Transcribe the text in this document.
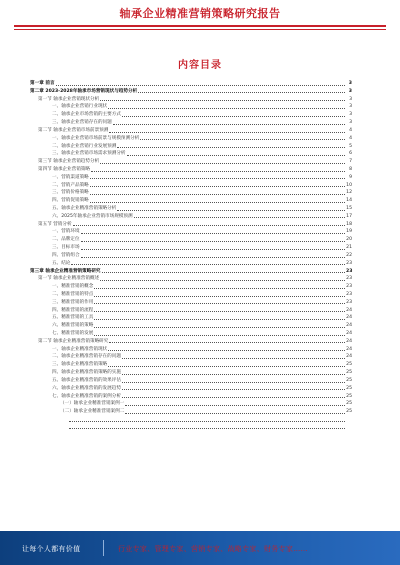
轴承企业精准营销策略研究报告
内容目录
第一章 前言	3
第二章 2023-2028年轴承市场营销现状与趋势分析	3
第一节 轴承企业营销现状分析	3
一、轴承企业营销行业现状	3
二、轴承企业市场营销的主要方式	3
三、轴承企业营销存在的问题	3
第二节 轴承企业营销市场前景预测	4
一、轴承企业营销市场前景与规模预测分析	4
二、轴承企业营销行业发展预测	5
三、轴承企业营销市场需求预测分析	6
第三节 轴承企业营销趋势分析	7
第四节 轴承企业营销策略	8
一、营销渠道策略	9
二、营销产品策略	10
三、营销价格策略	12
四、营销促销策略	14
五、轴承企业精准营销策略分析	15
六、2025年轴承企业营销市场规模预测	17
第五节 营销分析	18
一、营销环境	19
二、品牌定位	20
三、目标市场	21
四、营销组合	22
五、结论	23
第三章 轴承企业精准营销策略研究	23
第一节 轴承企业精准营销概述	23
一、精准营销的概念	23
二、精准营销的特点	23
三、精准营销的作用	23
四、精准营销的流程	24
五、精准营销的工具	24
六、精准营销的策略	24
七、精准营销的发展	24
第二节 轴承企业精准营销策略研究	24
一、轴承企业精准营销现状	24
二、轴承企业精准营销存在的问题	24
三、轴承企业精准营销策略	25
四、轴承企业精准营销策略的实施	25
五、轴承企业精准营销的效果评估	25
六、轴承企业精准营销的发展趋势	25
七、轴承企业精准营销的案例分析	25
（一）轴承企业精准营销案例一	25
（二）轴承企业精准营销案例二	25
让每个人都有价值	行业专家、管理专家、营销专家、战略专家、财务专家……
